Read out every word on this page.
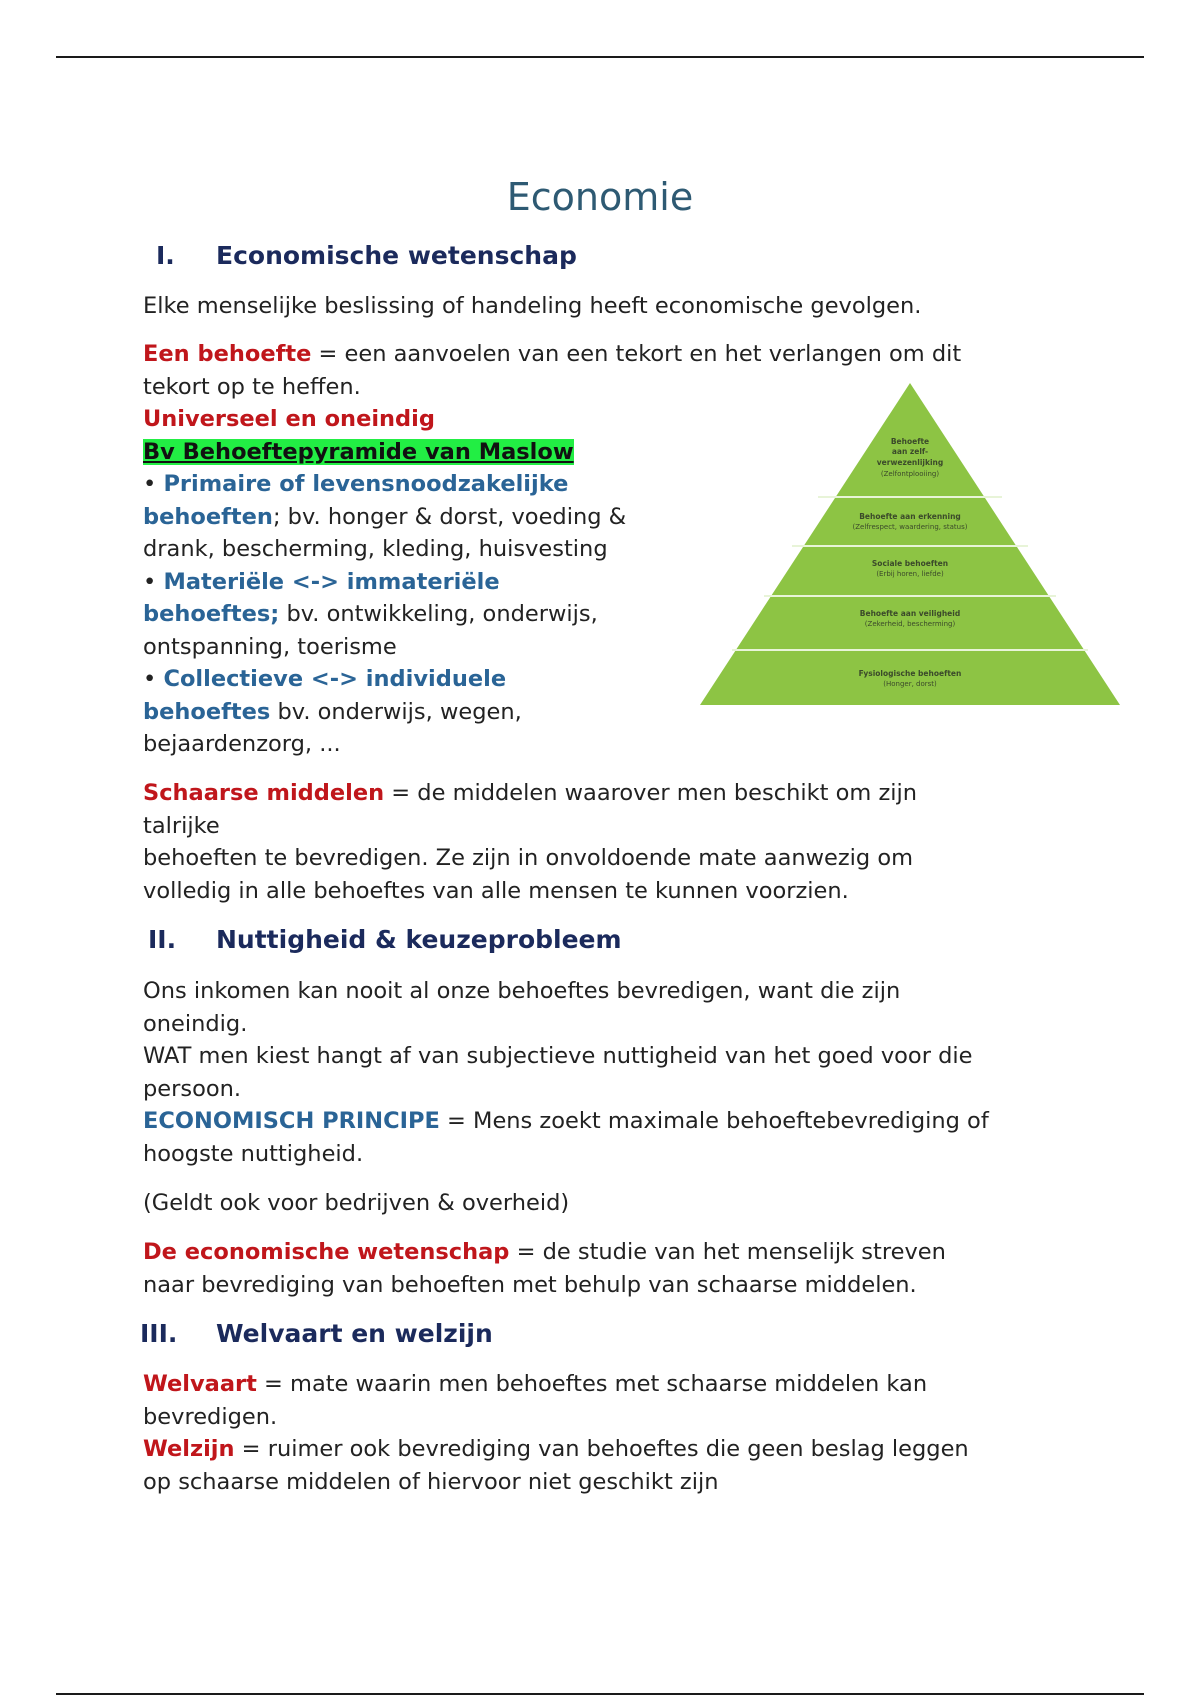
Economie
I. Economische wetenschap

Elke menselijke beslissing of handeling heeft economische gevolgen.

Een behoefte = een aanvoelen van een tekort en het verlangen om dit
tekort op te heffen.
Universeel en oneindig
Bv Behoeftepyramide van Maslow
• Primaire of levensnoodzakelijke
behoeften; bv. honger & dorst, voeding &
drank, bescherming, kleding, huisvesting
• Materiële <-> immateriële
behoeftes; bv. ontwikkeling, onderwijs,
ontspanning, toerisme
• Collectieve <-> individuele
behoeftes bv. onderwijs, wegen,
bejaardenzorg, ...
Behoefte
aan zelf-
verwezenlijking
(Zelfontplooiing)
Behoefte aan erkenning
(Zelfrespect, waardering, status)
Sociale behoeften
(Erbij horen, liefde)
Behoefte aan veiligheid
(Zekerheid, bescherming)
Fysiologische behoeften
(Honger, dorst)
Schaarse middelen = de middelen waarover men beschikt om zijn
talrijke
behoeften te bevredigen. Ze zijn in onvoldoende mate aanwezig om
volledig in alle behoeftes van alle mensen te kunnen voorzien.
II. Nuttigheid & keuzeprobleem
Ons inkomen kan nooit al onze behoeftes bevredigen, want die zijn
oneindig.
WAT men kiest hangt af van subjectieve nuttigheid van het goed voor die
persoon.
ECONOMISCH PRINCIPE = Mens zoekt maximale behoeftebevrediging of
hoogste nuttigheid.

(Geldt ook voor bedrijven & overheid)

De economische wetenschap = de studie van het menselijk streven
naar bevrediging van behoeften met behulp van schaarse middelen.
III. Welvaart en welzijn
Welvaart = mate waarin men behoeftes met schaarse middelen kan
bevredigen.
Welzijn = ruimer ook bevrediging van behoeftes die geen beslag leggen
op schaarse middelen of hiervoor niet geschikt zijn
